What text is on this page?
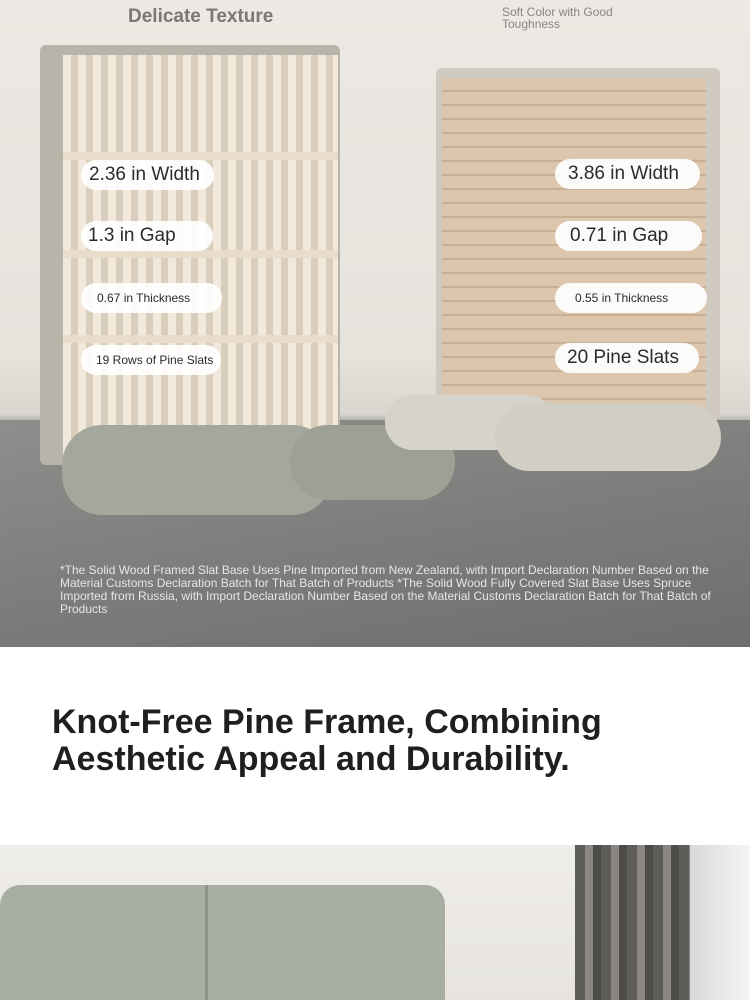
Delicate Texture	Soft Color with Good Toughness
2.36 in Width
1.3 in Gap
0.67 in Thickness
19 Rows of Pine Slats
3.86 in Width
0.71 in Gap
0.55 in Thickness
20 Pine Slats
*The Solid Wood Framed Slat Base Uses Pine Imported from New Zealand, with Import Declaration Number Based on the Material Customs Declaration Batch for That Batch of Products *The Solid Wood Fully Covered Slat Base Uses Spruce Imported from Russia, with Import Declaration Number Based on the Material Customs Declaration Batch for That Batch of Products
Knot-Free Pine Frame, Combining Aesthetic Appeal and Durability.
